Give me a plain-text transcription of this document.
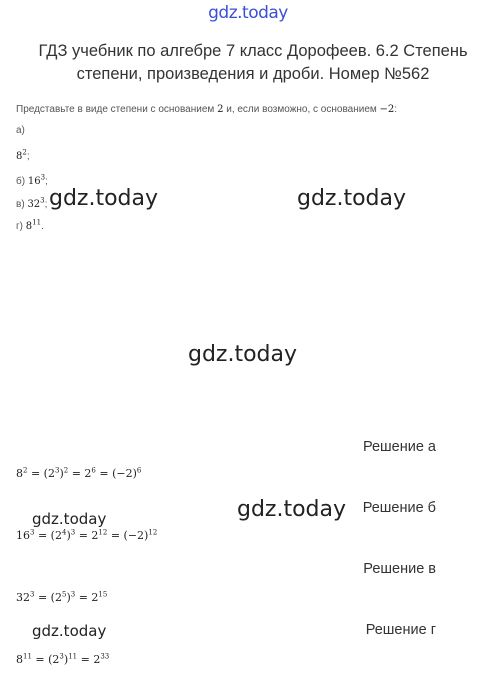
gdz.today
ГДЗ учебник по алгебре 7 класс Дорофеев. 6.2 Степень степени, произведения и дроби. Номер №562
Представьте в виде степени с основанием 2 и, если возможно, с основанием −2:
а)
$8^2$;
б) $16^3$;
в) $32^3$;
г) $8^{11}$.
gdz.today	gdz.today
gdz.today
gdz.today
gdz.today
gdz.today
Решение а
$8^2 = (2^3)^2 = 2^6 = (-2)^6$
Решение б
$16^3 = (2^4)^3 = 2^{12} = (-2)^{12}$
Решение в
$32^3 = (2^5)^3 = 2^{15}$
Решение г
$8^{11} = (2^3)^{11} = 2^{33}$
